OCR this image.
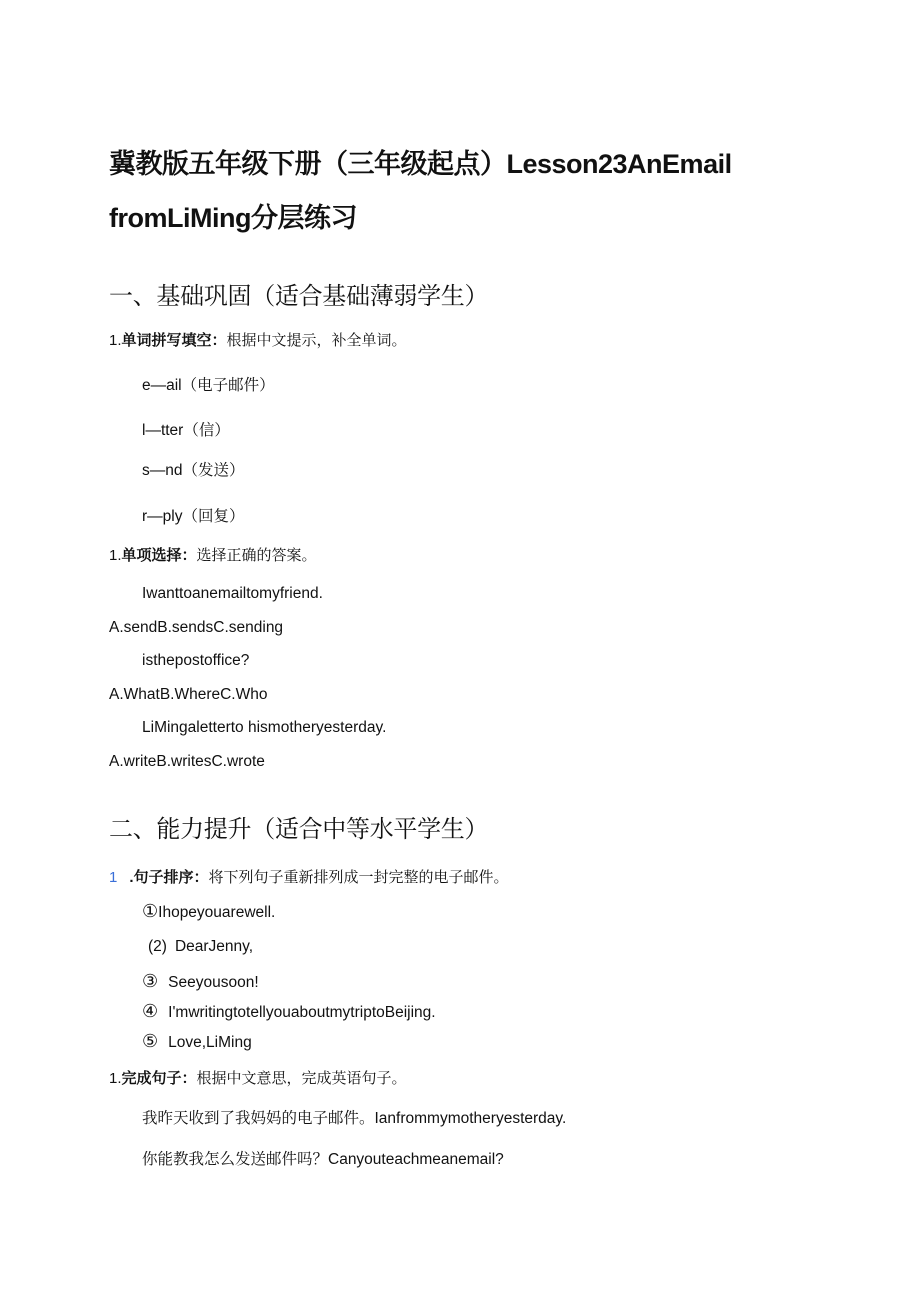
冀教版五年级下册（三年级起点）Lesson23AnEmail
fromLiMing分层练习
一、基础巩固（适合基础薄弱学生）
1.单词拼写填空：根据中文提示，补全单词。
e—ail（电子邮件）
l—tter（信）
s—nd（发送）
r—ply（回复）
1.单项选择：选择正确的答案。
Iwanttoanemailtomyfriend.
A.sendB.sendsC.sending
isthepostoffice?
A.WhatB.WhereC.Who
LiMingaletterto hismotheryesterday.
A.writeB.writesC.wrote
二、能力提升（适合中等水平学生）
1 .句子排序：将下列句子重新排列成一封完整的电子邮件。
①Ihopeyouarewell.
(2) DearJenny,
③ Seeyousoon!
④ I'mwritingtotellyouaboutmytriptoBeijing.
⑤ Love,LiMing
1.完成句子：根据中文意思，完成英语句子。
我昨天收到了我妈妈的电子邮件。Ianfrommymotheryesterday.
你能教我怎么发送邮件吗？Canyouteachmeanemail?
